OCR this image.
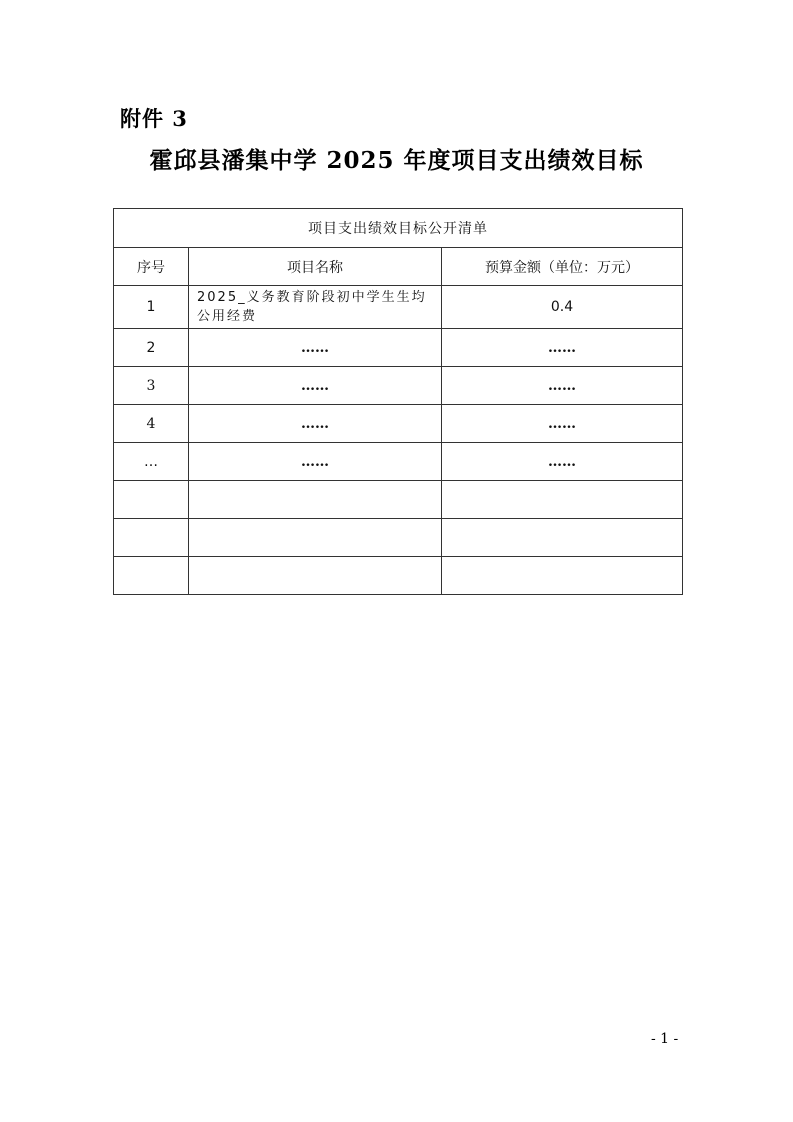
附件 3
霍邱县潘集中学 2025 年度项目支出绩效目标
项目支出绩效目标公开清单		
序号	项目名称	预算金额（单位：万元）
1	2025_义务教育阶段初中学生生均公用经费	0.4
2	……	……
3	……	……
4	……	……
…	……	……

- 1 -
